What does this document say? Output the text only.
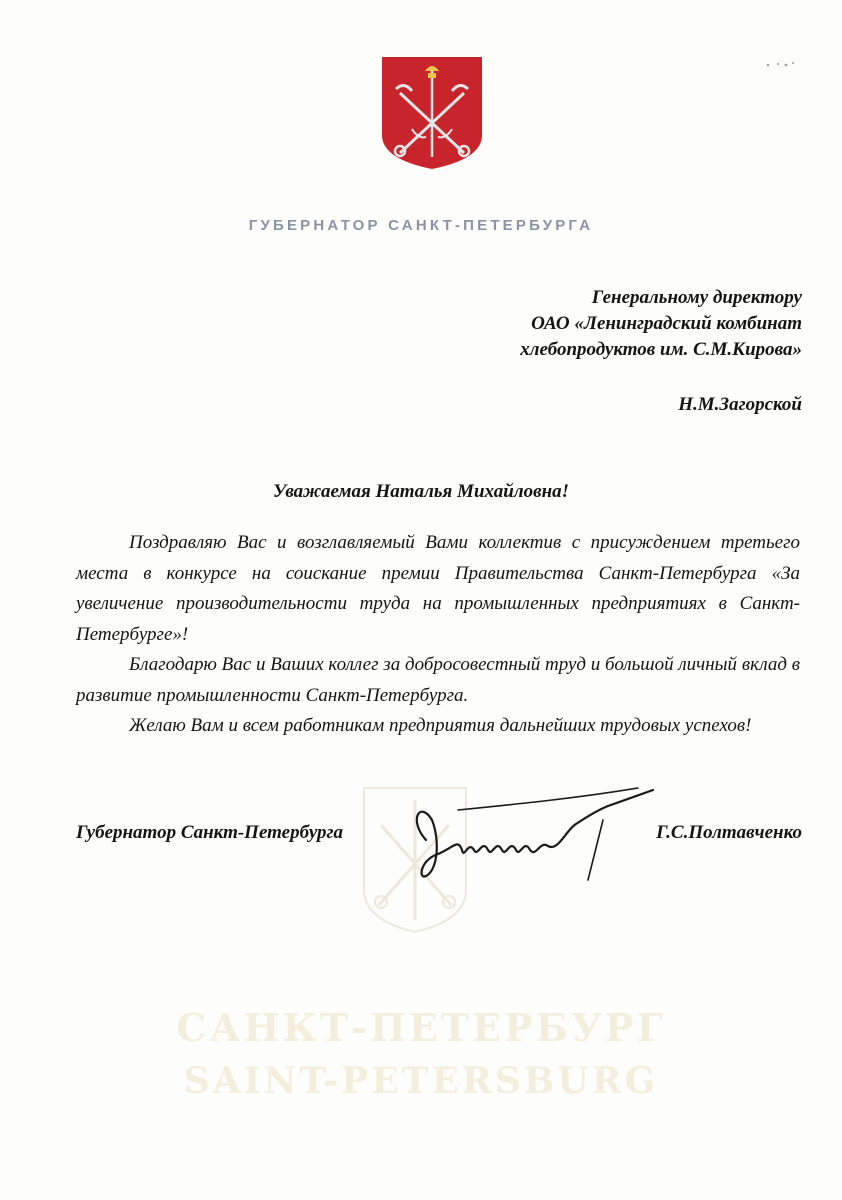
САНКТ-ПЕТЕРБУРГ
SAINT-PETERSBURG
ГУБЕРНАТОР САНКТ-ПЕТЕРБУРГА
Генеральному директору
ОАО «Ленинградский комбинат
хлебопродуктов им. С.М.Кирова»
Н.М.Загорской
Уважаемая Наталья Михайловна!

Поздравляю Вас и возглавляемый Вами коллектив с присуждением третьего места в конкурсе на соискание премии Правительства Санкт-Петербурга «За увеличение производительности труда на промышленных предприятиях в Санкт-Петербурге»!

Благодарю Вас и Ваших коллег за добросовестный труд и большой личный вклад в развитие промышленности Санкт-Петербурга.

Желаю Вам и всем работникам предприятия дальнейших трудовых успехов!

Губернатор Санкт-Петербурга	Г.С.Полтавченко
